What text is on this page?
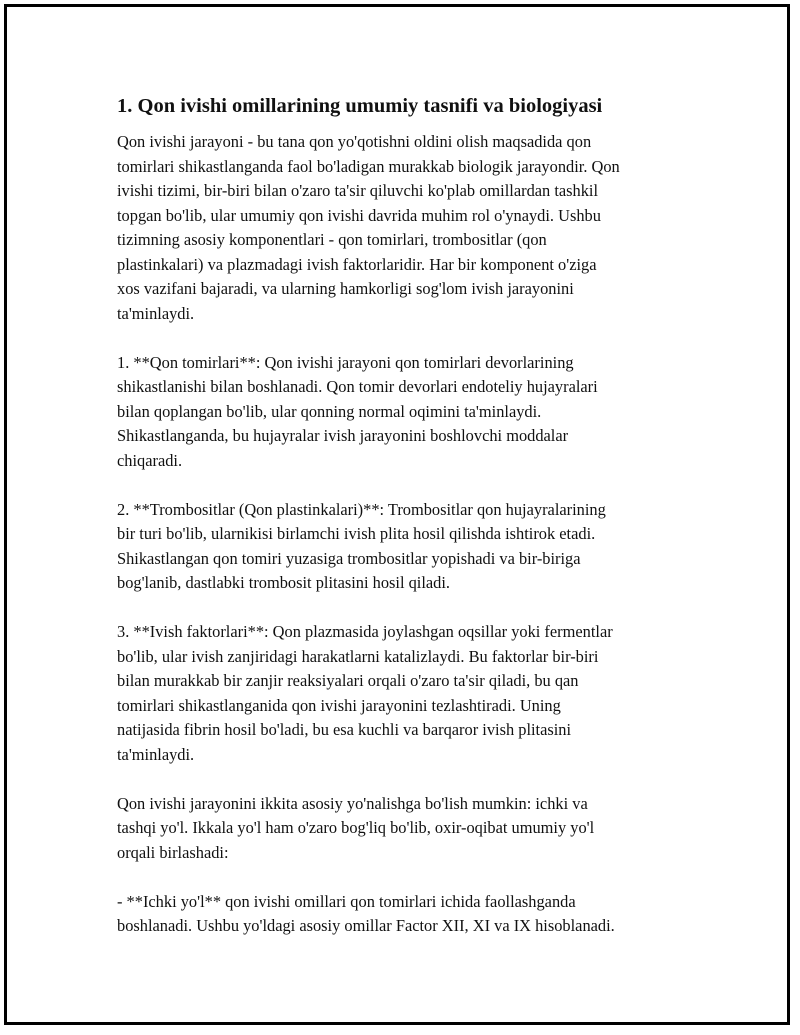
1. Qon ivishi omillarining umumiy tasnifi va biologiyasi

Qon ivishi jarayoni - bu tana qon yo'qotishni oldini olish maqsadida qon
tomirlari shikastlanganda faol bo'ladigan murakkab biologik jarayondir. Qon
ivishi tizimi, bir-biri bilan o'zaro ta'sir qiluvchi ko'plab omillardan tashkil
topgan bo'lib, ular umumiy qon ivishi davrida muhim rol o'ynaydi. Ushbu
tizimning asosiy komponentlari - qon tomirlari, trombositlar (qon
plastinkalari) va plazmadagi ivish faktorlaridir. Har bir komponent o'ziga
xos vazifani bajaradi, va ularning hamkorligi sog'lom ivish jarayonini
ta'minlaydi.

1. **Qon tomirlari**: Qon ivishi jarayoni qon tomirlari devorlarining
shikastlanishi bilan boshlanadi. Qon tomir devorlari endoteliy hujayralari
bilan qoplangan bo'lib, ular qonning normal oqimini ta'minlaydi.
Shikastlanganda, bu hujayralar ivish jarayonini boshlovchi moddalar
chiqaradi.

2. **Trombositlar (Qon plastinkalari)**: Trombositlar qon hujayralarining
bir turi bo'lib, ularnikisi birlamchi ivish plita hosil qilishda ishtirok etadi.
Shikastlangan qon tomiri yuzasiga trombositlar yopishadi va bir-biriga
bog'lanib, dastlabki trombosit plitasini hosil qiladi.

3. **Ivish faktorlari**: Qon plazmasida joylashgan oqsillar yoki fermentlar
bo'lib, ular ivish zanjiridagi harakatlarni katalizlaydi. Bu faktorlar bir-biri
bilan murakkab bir zanjir reaksiyalari orqali o'zaro ta'sir qiladi, bu qan
tomirlari shikastlanganida qon ivishi jarayonini tezlashtiradi. Uning
natijasida fibrin hosil bo'ladi, bu esa kuchli va barqaror ivish plitasini
ta'minlaydi.

Qon ivishi jarayonini ikkita asosiy yo'nalishga bo'lish mumkin: ichki va
tashqi yo'l. Ikkala yo'l ham o'zaro bog'liq bo'lib, oxir-oqibat umumiy yo'l
orqali birlashadi:

- **Ichki yo'l** qon ivishi omillari qon tomirlari ichida faollashganda
boshlanadi. Ushbu yo'ldagi asosiy omillar Factor XII, XI va IX hisoblanadi.
